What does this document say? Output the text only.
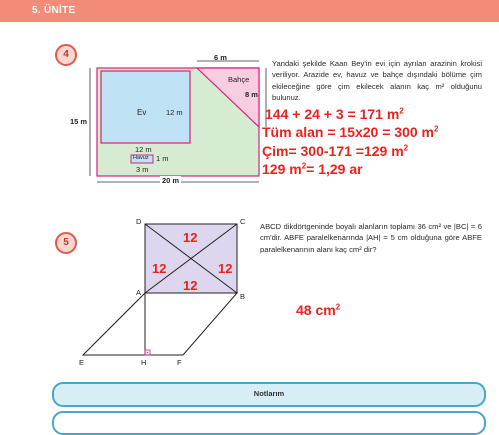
5. ÜNİTE
4	6 m
Bahçe
8 m
15 m
Ev	12 m
12 m
Havuz 1 m
3 m
20 m
Yandaki şekilde Kaan Bey'in evi için ayrılan arazinin krokisi veriliyor. Arazide ev, havuz ve bahçe dışındaki bölüme çim ekileceğine göre çim ekilecek alanın kaç m² olduğunu bulunuz.
144 + 24 + 3 = 171 $m^2$
Tüm alan = 15x20 = 300 $m^2$
Çim= 300-171 =129 $m^2$
129 $m^2= 1,29$ ar
5
D	C
A	B
E	H	F
12
12	12
12
ABCD dikdörtgeninde boyalı alanların toplamı 36 cm² ve |BC| = 6 cm'dir. ABFE paralelkenarında |AH| = 5 cm olduğuna göre ABFE paralelkenarının alanı kaç cm² dir?
48 $cm^2$
Notlarım
